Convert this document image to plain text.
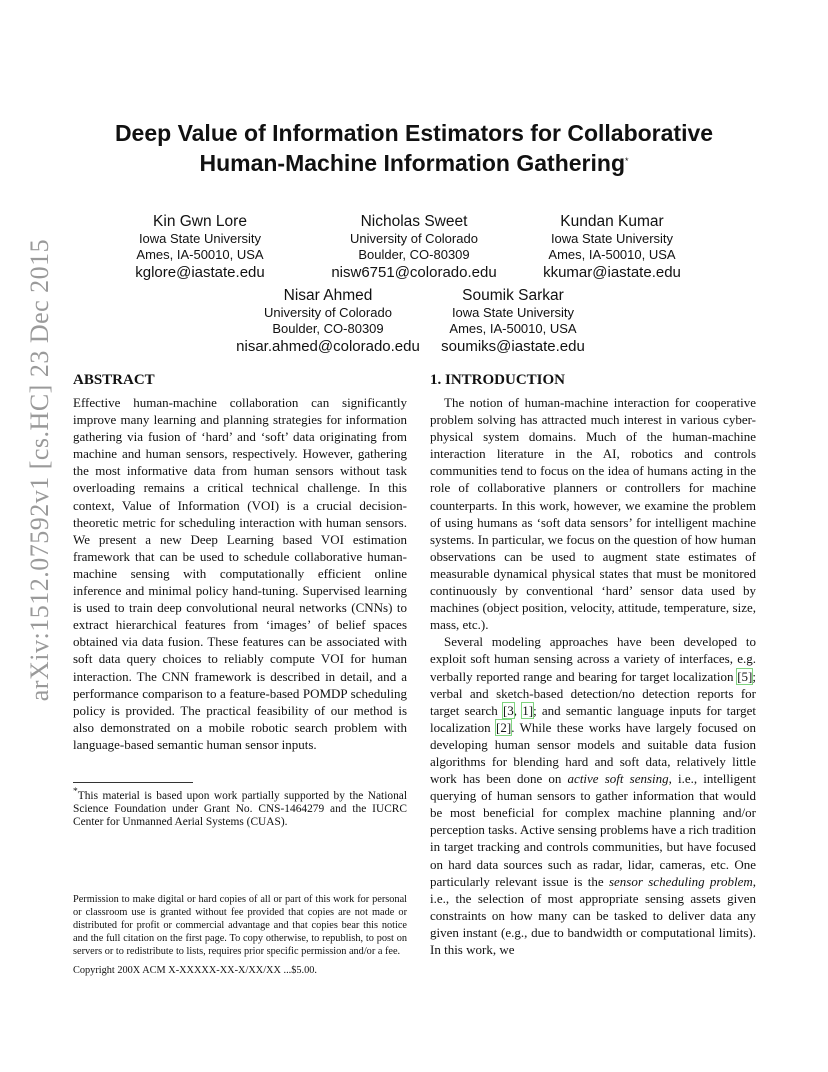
arXiv:1512.07592v1 [cs.HC] 23 Dec 2015
Deep Value of Information Estimators for Collaborative
Human-Machine Information Gathering*
Kin Gwn Lore
Iowa State University
Ames, IA-50010, USA
kglore@iastate.edu
Nicholas Sweet
University of Colorado
Boulder, CO-80309
nisw6751@colorado.edu
Kundan Kumar
Iowa State University
Ames, IA-50010, USA
kkumar@iastate.edu
Nisar Ahmed
University of Colorado
Boulder, CO-80309
nisar.ahmed@colorado.edu
Soumik Sarkar
Iowa State University
Ames, IA-50010, USA
soumiks@iastate.edu
ABSTRACT

Effective human-machine collaboration can significantly improve many learning and planning strategies for information gathering via fusion of ‘hard’ and ‘soft’ data originating from machine and human sensors, respectively. However, gathering the most informative data from human sensors without task overloading remains a critical technical challenge. In this context, Value of Information (VOI) is a crucial decision-theoretic metric for scheduling interaction with human sensors. We present a new Deep Learning based VOI estimation framework that can be used to schedule collaborative human-machine sensing with computationally efficient online inference and minimal policy hand-tuning. Supervised learning is used to train deep convolutional neural networks (CNNs) to extract hierarchical features from ‘images’ of belief spaces obtained via data fusion. These features can be associated with soft data query choices to reliably compute VOI for human interaction. The CNN framework is described in detail, and a performance comparison to a feature-based POMDP scheduling policy is provided. The practical feasibility of our method is also demonstrated on a mobile robotic search problem with language-based semantic human sensor inputs.

*This material is based upon work partially supported by the National Science Foundation under Grant No. CNS-1464279 and the IUCRC Center for Unmanned Aerial Systems (CUAS).
Permission to make digital or hard copies of all or part of this work for personal or classroom use is granted without fee provided that copies are not made or distributed for profit or commercial advantage and that copies bear this notice and the full citation on the first page. To copy otherwise, to republish, to post on servers or to redistribute to lists, requires prior specific permission and/or a fee.
Copyright 200X ACM X-XXXXX-XX-X/XX/XX ...$5.00.
1. INTRODUCTION

The notion of human-machine interaction for cooperative problem solving has attracted much interest in various cyber-physical system domains. Much of the human-machine interaction literature in the AI, robotics and controls communities tend to focus on the idea of humans acting in the role of collaborative planners or controllers for machine counterparts. In this work, however, we examine the problem of using humans as ‘soft data sensors’ for intelligent machine systems. In particular, we focus on the question of how human observations can be used to augment state estimates of measurable dynamical physical states that must be monitored continuously by conventional ‘hard’ sensor data used by machines (object position, velocity, attitude, temperature, size, mass, etc.).

Several modeling approaches have been developed to exploit soft human sensing across a variety of interfaces, e.g. verbally reported range and bearing for target localization [5]; verbal and sketch-based detection/no detection reports for target search [3, 1]; and semantic language inputs for target localization [2]. While these works have largely focused on developing human sensor models and suitable data fusion algorithms for blending hard and soft data, relatively little work has been done on active soft sensing, i.e., intelligent querying of human sensors to gather information that would be most beneficial for complex machine planning and/or perception tasks. Active sensing problems have a rich tradition in target tracking and controls communities, but have focused on hard data sources such as radar, lidar, cameras, etc. One particularly relevant issue is the sensor scheduling problem, i.e., the selection of most appropriate sensing assets given constraints on how many can be tasked to deliver data any given instant (e.g., due to bandwidth or computational limits). In this work, we
